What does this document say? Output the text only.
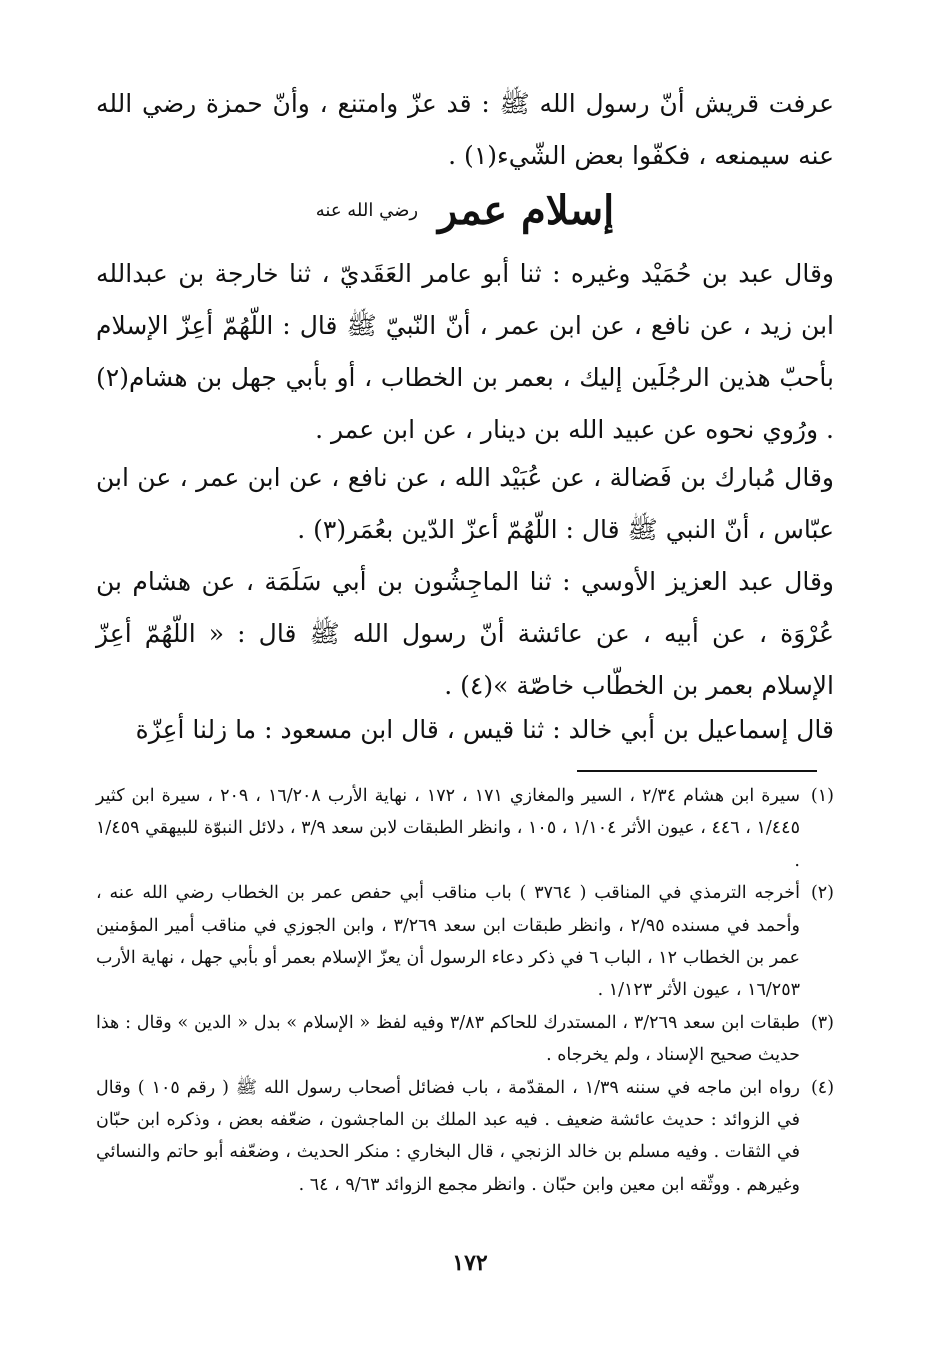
عرفت قريش أنّ رسول الله ﷺ : قد عزّ وامتنع ، وأنّ حمزة رضي الله عنه سيمنعه ، فكفّوا بعض الشّيء(١) .

إسلام عمر $^{رضي الله عنه}$

وقال عبد بن حُمَيْد وغيره : ثنا أبو عامر العَقَديّ ، ثنا خارجة بن عبدالله ابن زيد ، عن نافع ، عن ابن عمر ، أنّ النّبيّ ﷺ قال : اللّهُمّ أعِزّ الإسلام بأحبّ هذين الرجُلَين إليك ، بعمر بن الخطاب ، أو بأبي جهل بن هشام(٢) . ورُوي نحوه عن عبيد الله بن دينار ، عن ابن عمر .

وقال مُبارك بن فَضالة ، عن عُبَيْد الله ، عن نافع ، عن ابن عمر ، عن ابن عبّاس ، أنّ النبي ﷺ قال : اللّهُمّ أعزّ الدّين بعُمَر(٣) .

وقال عبد العزيز الأوسي : ثنا الماجِشُون بن أبي سَلَمَة ، عن هشام بن عُرْوَة ، عن أبيه ، عن عائشة أنّ رسول الله ﷺ قال : « اللّهُمّ أعِزّ الإسلام بعمر بن الخطّاب خاصّة »(٤) .

قال إسماعيل بن أبي خالد : ثنا قيس ، قال ابن مسعود : ما زلنا أعِزّة

(١)سيرة ابن هشام ٢/٣٤ ، السير والمغازي ١٧١ ، ١٧٢ ، نهاية الأرب ١٦/٢٠٨ ، ٢٠٩ ، سيرة ابن كثير ١/٤٤٥ ، ٤٤٦ ، عيون الأثر ١/١٠٤ ، ١٠٥ ، وانظر الطبقات لابن سعد ٣/٩ ، دلائل النبوّة للبيهقي ١/٤٥٩ .

(٢)أخرجه الترمذي في المناقب ( ٣٧٦٤ ) باب مناقب أبي حفص عمر بن الخطاب رضي الله عنه ، وأحمد في مسنده ٢/٩٥ ، وانظر طبقات ابن سعد ٣/٢٦٩ ، وابن الجوزي في مناقب أمير المؤمنين عمر بن الخطاب ١٢ ، الباب ٦ في ذكر دعاء الرسول أن يعزّ الإسلام بعمر أو بأبي جهل ، نهاية الأرب ١٦/٢٥٣ ، عيون الأثر ١/١٢٣ .

(٣)طبقات ابن سعد ٣/٢٦٩ ، المستدرك للحاكم ٣/٨٣ وفيه لفظ « الإسلام » بدل « الدين » وقال : هذا حديث صحيح الإسناد ، ولم يخرجاه .

(٤)رواه ابن ماجه في سننه ١/٣٩ ، المقدّمة ، باب فضائل أصحاب رسول الله ﷺ ( رقم ١٠٥ ) وقال في الزوائد : حديث عائشة ضعيف . فيه عبد الملك بن الماجشون ، ضعّفه بعض ، وذكره ابن حبّان في الثقات . وفيه مسلم بن خالد الزنجي ، قال البخاري : منكر الحديث ، وضعّفه أبو حاتم والنسائي وغيرهم . ووثّقه ابن معين وابن حبّان . وانظر مجمع الزوائد ٩/٦٣ ، ٦٤ .

١٧٢
